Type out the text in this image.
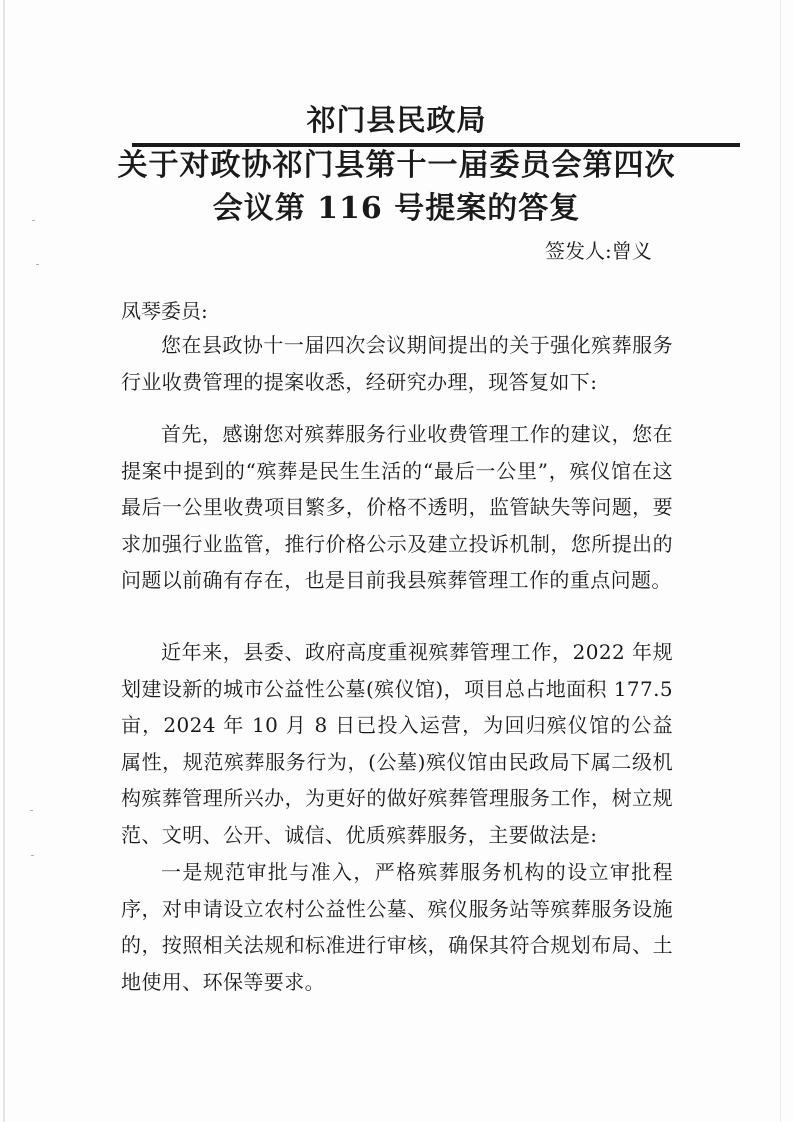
祁门县民政局
关于对政协祁门县第十一届委员会第四次
会议第 116 号提案的答复
签发人:曾义
凤琴委员:
您在县政协十一届四次会议期间提出的关于强化殡葬服务行业收费管理的提案收悉，经研究办理，现答复如下:
首先，感谢您对殡葬服务行业收费管理工作的建议，您在提案中提到的“殡葬是民生生活的“最后一公里”，殡仪馆在这最后一公里收费项目繁多，价格不透明，监管缺失等问题，要求加强行业监管，推行价格公示及建立投诉机制，您所提出的问题以前确有存在，也是目前我县殡葬管理工作的重点问题。
近年来，县委、政府高度重视殡葬管理工作，2022 年规划建设新的城市公益性公墓(殡仪馆)，项目总占地面积 177.5 亩，2024 年 10 月 8 日已投入运营，为回归殡仪馆的公益属性，规范殡葬服务行为，(公墓)殡仪馆由民政局下属二级机构殡葬管理所兴办，为更好的做好殡葬管理服务工作，树立规范、文明、公开、诚信、优质殡葬服务，主要做法是:
一是规范审批与准入，严格殡葬服务机构的设立审批程序，对申请设立农村公益性公墓、殡仪服务站等殡葬服务设施的，按照相关法规和标准进行审核，确保其符合规划布局、土地使用、环保等要求。
